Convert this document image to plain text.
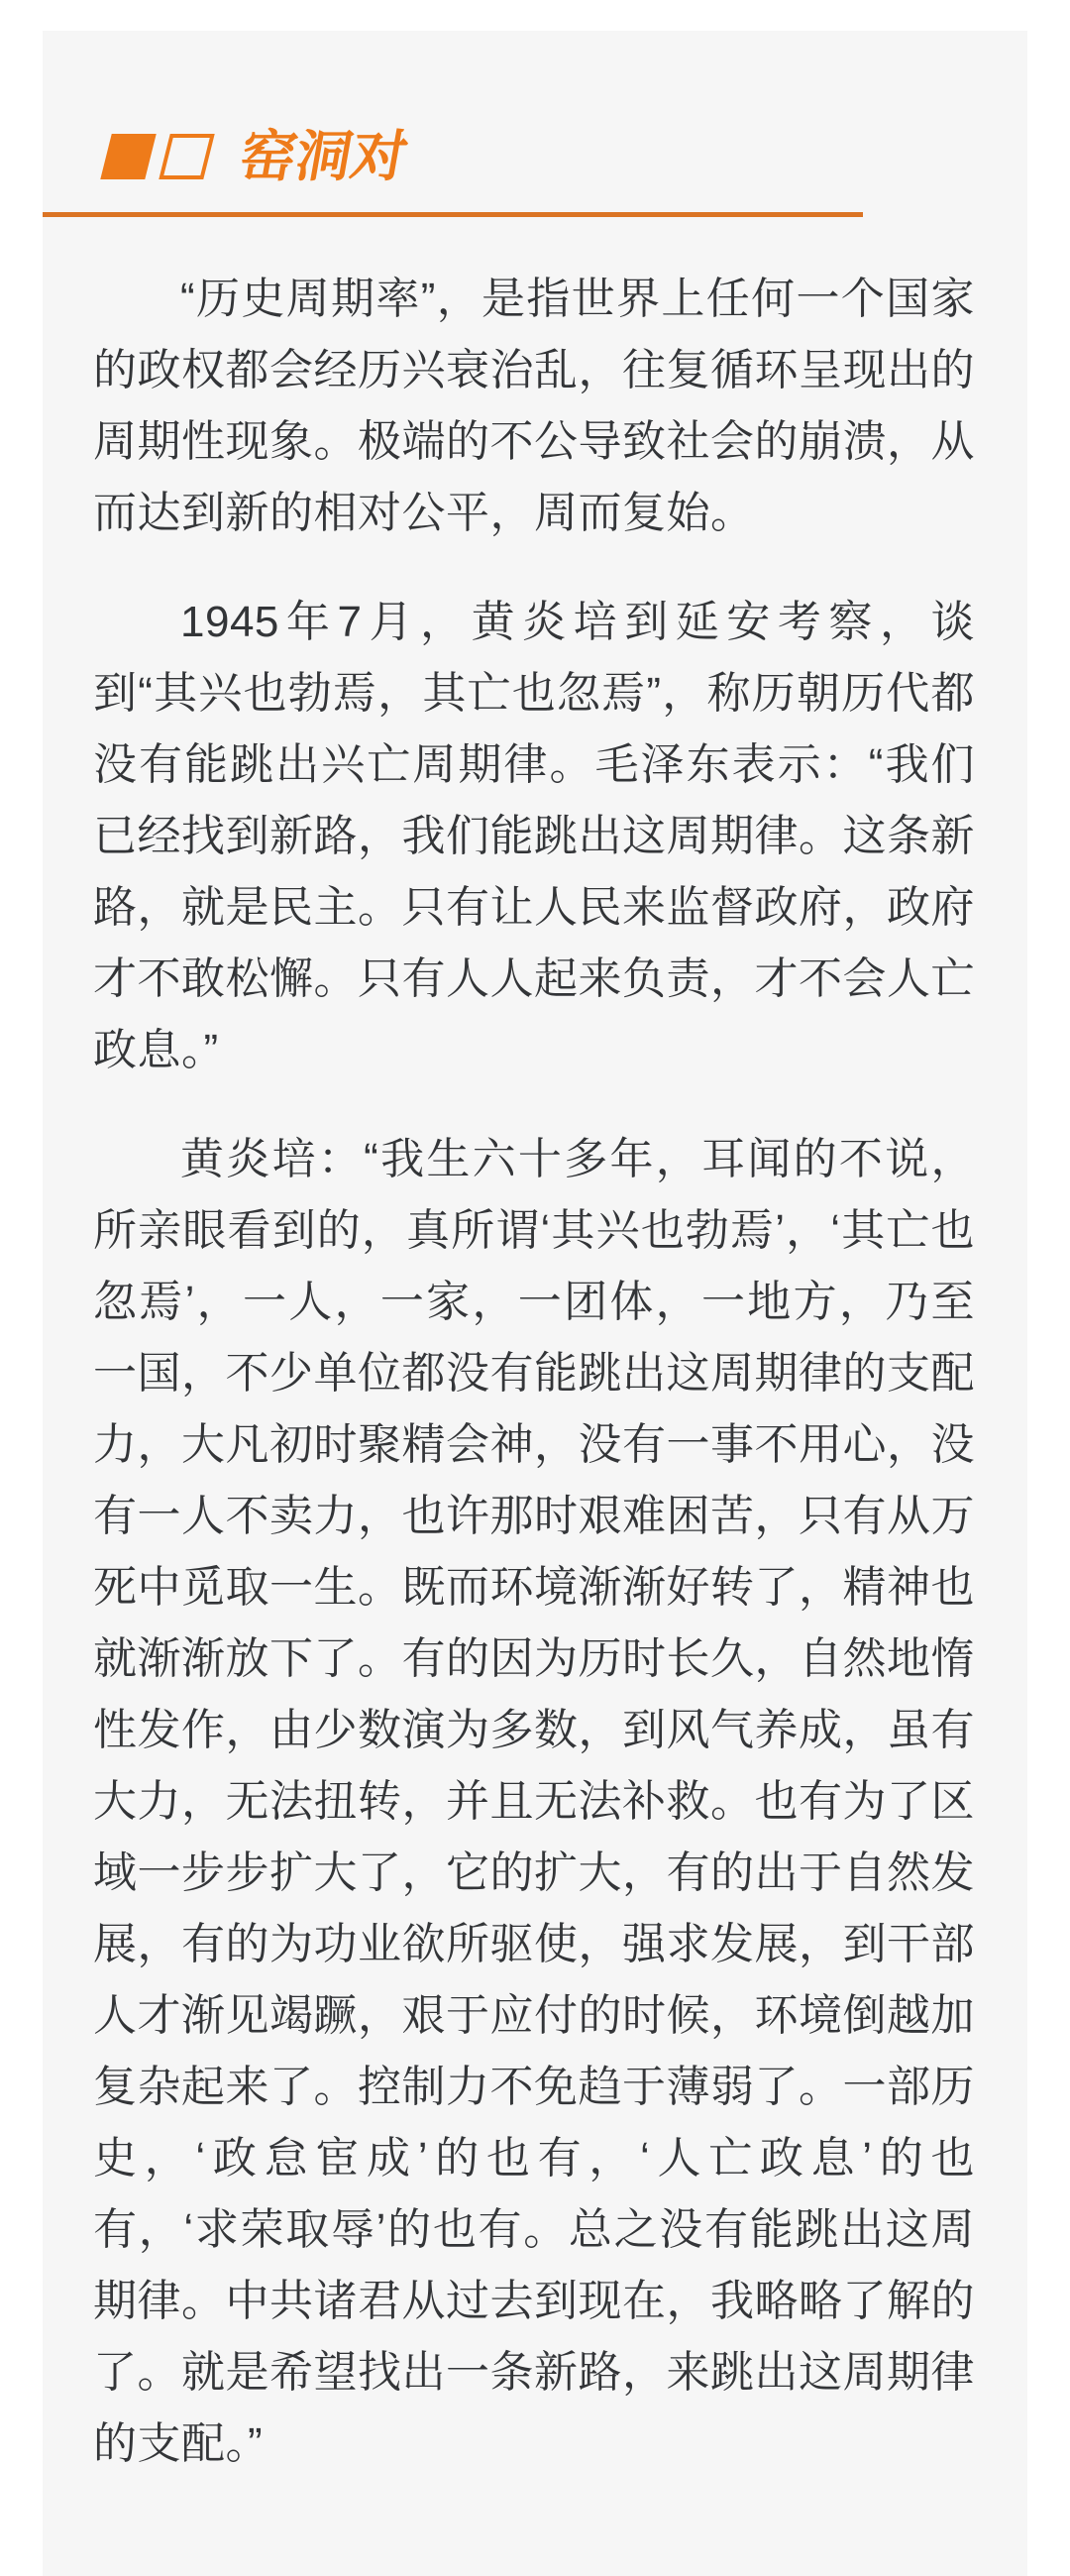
窑洞对

“历史周期率”，是指世界上任何一个国家的政权都会经历兴衰治乱，往复循环呈现出的周期性现象。极端的不公导致社会的崩溃，从而达到新的相对公平，周而复始。

1945年7月，黄炎培到延安考察，谈到“其兴也勃焉，其亡也忽焉”，称历朝历代都没有能跳出兴亡周期律。毛泽东表示：“我们已经找到新路，我们能跳出这周期律。这条新路，就是民主。只有让人民来监督政府，政府才不敢松懈。只有人人起来负责，才不会人亡政息。”

黄炎培：“我生六十多年，耳闻的不说，所亲眼看到的，真所谓‘其兴也勃焉’，‘其亡也忽焉’，一人，一家，一团体，一地方，乃至一国，不少单位都没有能跳出这周期律的支配力，大凡初时聚精会神，没有一事不用心，没有一人不卖力，也许那时艰难困苦，只有从万死中觅取一生。既而环境渐渐好转了，精神也就渐渐放下了。有的因为历时长久，自然地惰性发作，由少数演为多数，到风气养成，虽有大力，无法扭转，并且无法补救。也有为了区域一步步扩大了，它的扩大，有的出于自然发展，有的为功业欲所驱使，强求发展，到干部人才渐见竭蹶，艰于应付的时候，环境倒越加复杂起来了。控制力不免趋于薄弱了。一部历史，‘政怠宦成’的也有，‘人亡政息’的也有，‘求荣取辱’的也有。总之没有能跳出这周期律。中共诸君从过去到现在，我略略了解的了。就是希望找出一条新路，来跳出这周期律的支配。”
